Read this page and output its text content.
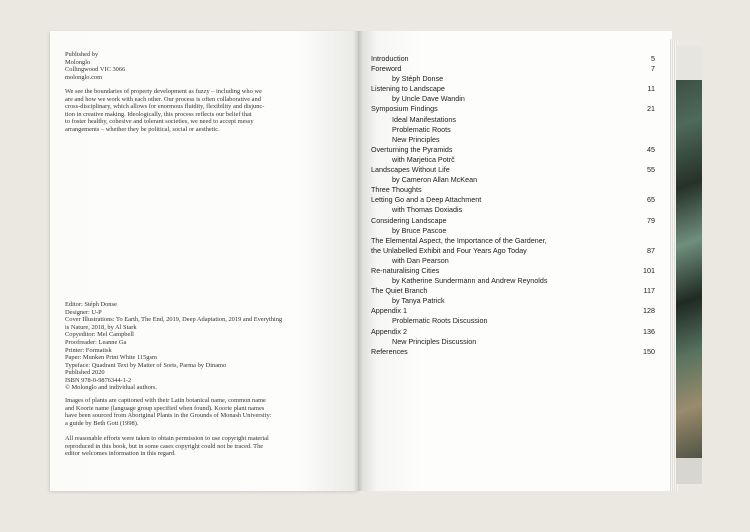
Published by
Molonglo
Collingwood VIC 3066
molonglo.com
We see the boundaries of property development as fuzzy – including who we
are and how we work with each other. Our process is often collaborative and
cross-disciplinary, which allows for enormous fluidity, flexibility and disjunc-
tion in creative making. Ideologically, this process reflects our belief that
to foster healthy, cohesive and tolerant societies, we need to accept messy
arrangements – whether they be political, social or aesthetic.
Editor: Stéph Donse
Designer: U-P
Cover Illustrations: To Earth, The End, 2019, Deep Adaptation, 2019 and Everything
is Nature, 2018, by Al Stark
Copyeditor: Mel Campbell
Proofreader: Leanne Ga
Printer: Formatisk
Paper: Munken Print White 115gsm
Typeface: Quadrant Text by Matter of Sorts, Parma by Dinamo
Published 2020
ISBN 978-0-9876344-1-2
© Molonglo and individual authors.
Images of plants are captioned with their Latin botanical name, common name
and Koorie name (language group specified when found). Koorie plant names
have been sourced from Aboriginal Plants in the Grounds of Monash University:
a guide by Beth Gott (1998).
All reasonable efforts were taken to obtain permission to use copyright material
reproduced in this book, but in some cases copyright could not be traced. The
editor welcomes information in this regard.
Introduction	5
Foreword	7
by Stéph Donse
Listening to Landscape	11
by Uncle Dave Wandin
Symposium Findings	21
Ideal Manifestations
Problematic Roots
New Principles
Overturning the Pyramids	45
with Marjetica Potrč
Landscapes Without Life	55
by Cameron Allan McKean
Three Thoughts
Letting Go and a Deep Attachment	65
with Thomas Doxiadis
Considering Landscape	79
by Bruce Pascoe
The Elemental Aspect, the Importance of the Gardener,
the Unlabelled Exhibit and Four Years Ago Today	87
with Dan Pearson
Re-naturalising Cities	101
by Katherine Sundermann and Andrew Reynolds
The Quiet Branch	117
by Tanya Patrick
Appendix 1	128
Problematic Roots Discussion
Appendix 2	136
New Principles Discussion
References	150
